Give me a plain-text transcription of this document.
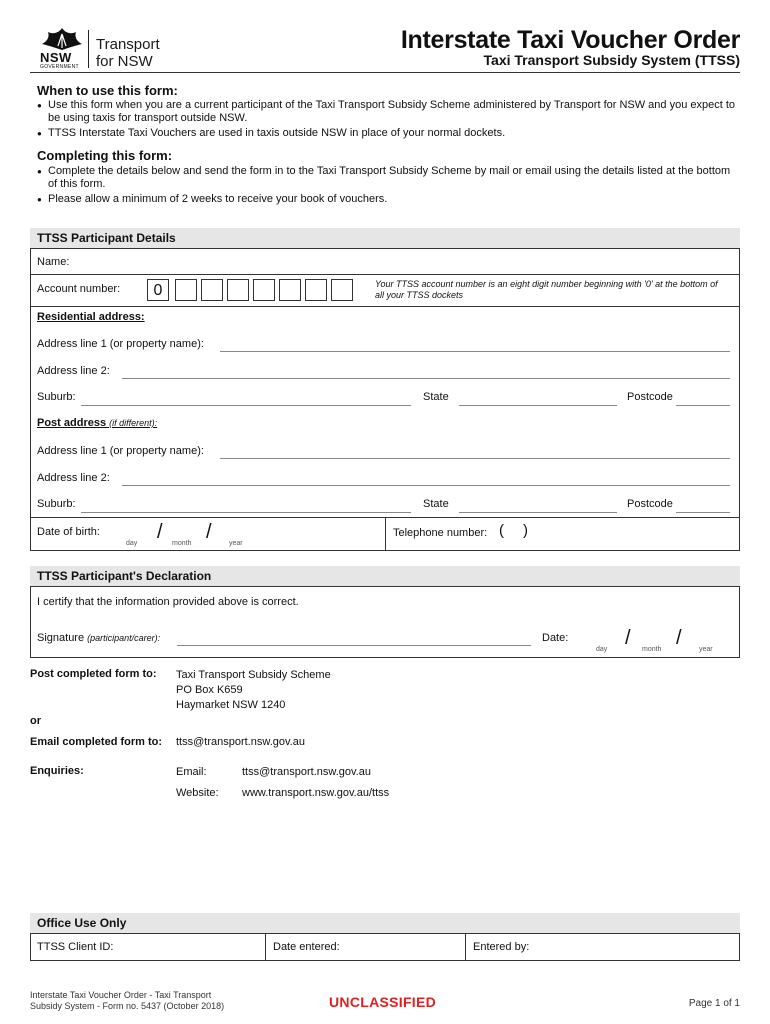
NSW
GOVERNMENT
Transport
for NSW
Interstate Taxi Voucher Order
Taxi Transport Subsidy System (TTSS)
When to use this form:
● Use this form when you are a current participant of the Taxi Transport Subsidy Scheme administered by Transport for NSW and you expect to be using taxis for transport outside NSW.
● TTSS Interstate Taxi Vouchers are used in taxis outside NSW in place of your normal dockets.
Completing this form:
● Complete the details below and send the form in to the Taxi Transport Subsidy Scheme by mail or email using the details listed at the bottom of this form.
● Please allow a minimum of 2 weeks to receive your book of vouchers.
TTSS Participant Details
Name:
Account number:	0	Your TTSS account number is an eight digit number beginning with '0' at the bottom of all your TTSS dockets
Residential address:
Address line 1 (or property name):
Address line 2:
Suburb:	State	Postcode
Post address (if different):
Address line 1 (or property name):
Address line 2:
Suburb:	State	Postcode
Date of birth:	/ /
day	month	year
Telephone number: ( )
TTSS Participant's Declaration
I certify that the information provided above is correct.
Signature (participant/carer):	Date:	/ /
day	month	year
Post completed form to: Taxi Transport Subsidy Scheme
PO Box K659
Haymarket NSW 1240
or
Email completed form to: ttss@transport.nsw.gov.au
Enquiries:	Email:	ttss@transport.nsw.gov.au
Website: www.transport.nsw.gov.au/ttss
Office Use Only
TTSS Client ID:	Date entered:	Entered by:
Interstate Taxi Voucher Order - Taxi Transport
Subsidy System - Form no. 5437 (October 2018)	UNCLASSIFIED	Page 1 of 1
